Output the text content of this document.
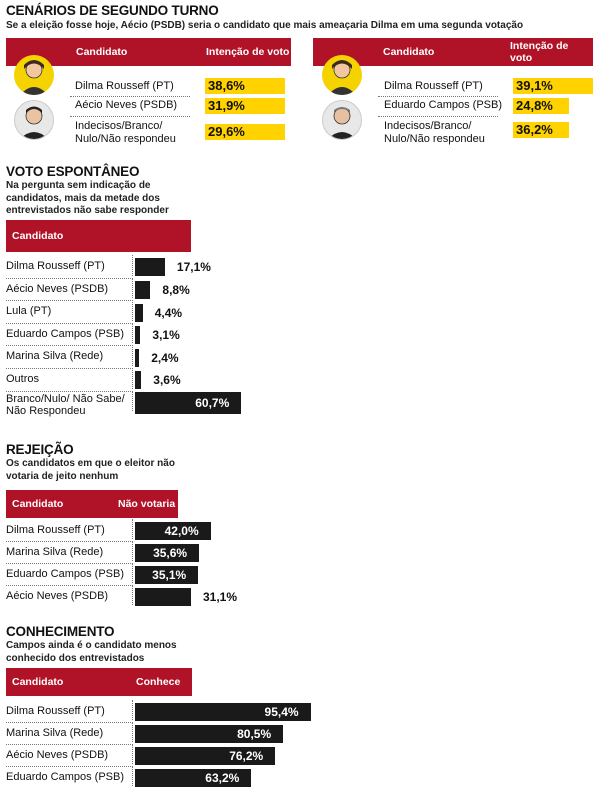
CENÁRIOS DE SEGUNDO TURNO
Se a eleição fosse hoje, Aécio (PSDB) seria o candidato que mais ameaçaria Dilma em uma segunda votação
Candidato	Intenção de voto
Dilma Rousseff (PT)	38,6%
Aécio Neves (PSDB) 31,9%
Indecisos/Branco/
Nulo/Não respondeu 29,6%
Candidato	Intenção de voto
Dilma Rousseff (PT)	39,1%
Eduardo Campos (PSB) 24,8%
Indecisos/Branco/
Nulo/Não respondeu
36,2%
VOTO ESPONTÂNEO
Na pergunta sem indicação de candidatos, mais da metade dos entrevistados não sabe responder
Candidato
Dilma Rousseff (PT)	17,1%
Aécio Neves (PSDB)	8,8%
Lula (PT)	4,4%
Eduardo Campos (PSB) 3,1%
Marina Silva (Rede)	2,4%
Outros	3,6%
Branco/Nulo/ Não Sabe/
Não Respondeu
60,7%
REJEIÇÃO
Os candidatos em que o eleitor não votaria de jeito nenhum
Candidato	Não votaria
Dilma Rousseff (PT)	42,0%
Marina Silva (Rede)	35,6%
Eduardo Campos (PSB) 35,1%
Aécio Neves (PSDB)	31,1%
CONHECIMENTO
Campos ainda é o candidato menos conhecido dos entrevistados
Candidato	Conhece
Dilma Rousseff (PT)	95,4%
Marina Silva (Rede)	80,5%
Aécio Neves (PSDB)	76,2%
Eduardo Campos (PSB)	63,2%
